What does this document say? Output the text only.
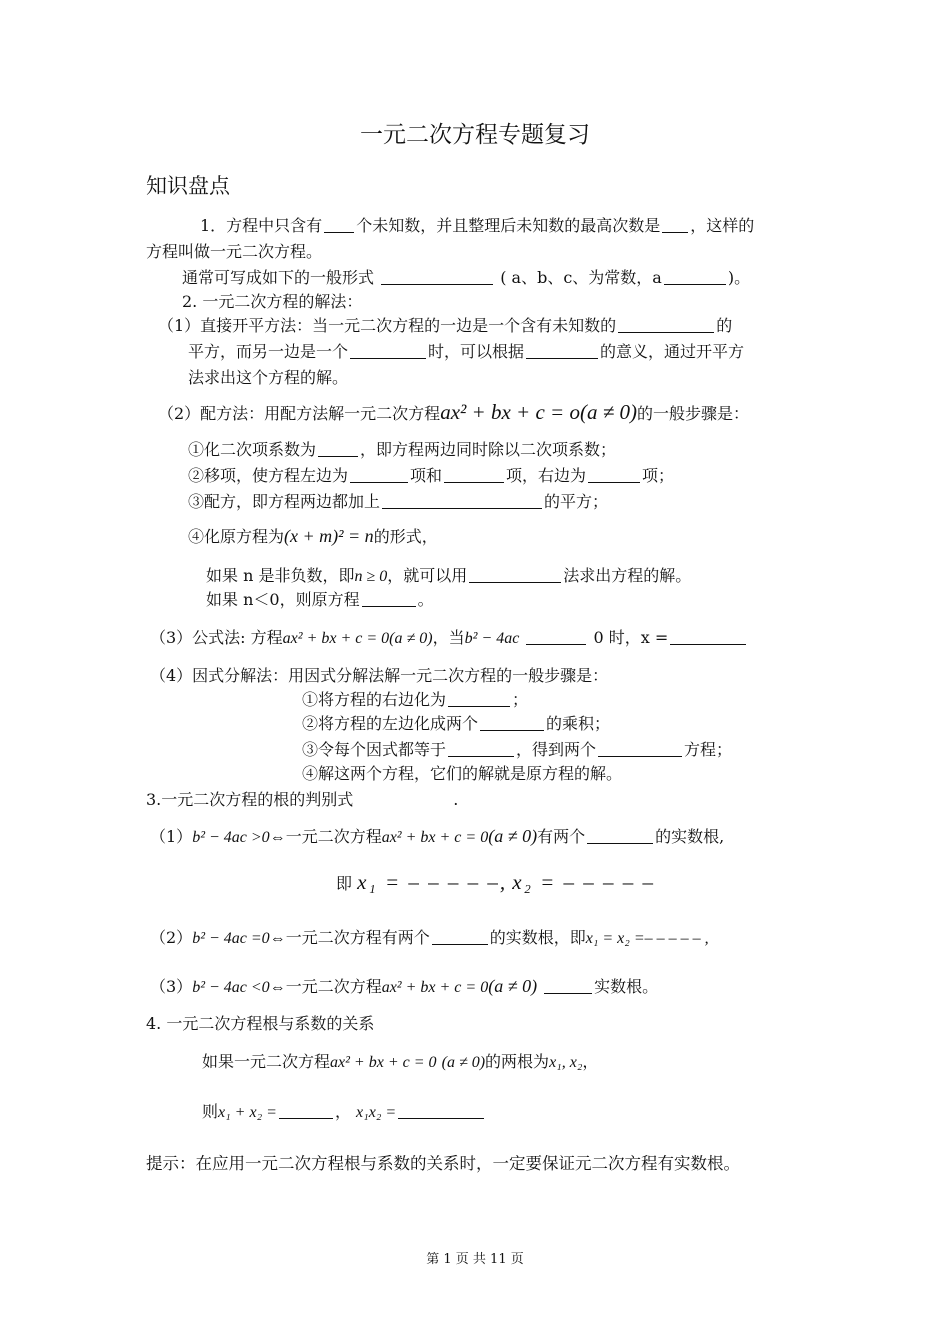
一元二次方程专题复习
知识盘点
1．方程中只含有 个未知数，并且整理后未知数的最高次数是 ，这样的
方程叫做一元二次方程。
通常可写成如下的一般形式	( a、b、c、为常数，a	)。
2. 一元二次方程的解法：
（1）直接开平方法：当一元二次方程的一边是一个含有未知数的	的
平方，而另一边是一个	时，可以根据	的意义，通过开平方
法求出这个方程的解。
（2）配方法：用配方法解一元二次方程ax² + bx + c = o(a ≠ 0)的一般步骤是：
①化二次项系数为	，即方程两边同时除以二次项系数；
②移项，使方程左边为	项和	项，右边为	项；
③配方，即方程两边都加上	的平方；
④化原方程为(x + m)² = n的形式，
如果 n 是非负数，即n ≥ 0，就可以用	法求出方程的解。
如果 n＜0，则原方程	。
（3）公式法: 方程ax² + bx + c = 0(a ≠ 0)，当b² − 4ac	0 时，x =
（4）因式分解法：用因式分解法解一元二次方程的一般步骤是：
①将方程的右边化为	；
②将方程的左边化成两个	的乘积；
③令每个因式都等于	，得到两个	方程；
④解这两个方程，它们的解就是原方程的解。
3.一元二次方程的根的判别式	.
（1）b² − 4ac >0⇔一元二次方程ax² + bx + c = 0(a ≠ 0)有两个	的实数根,
即 x₁ = – – – – –, x₂ = – – – – –
（2）b² − 4ac =0⇔一元二次方程有两个	的实数根，即x₁ = x₂ =– – – – – ,
（3）b² − 4ac <0⇔一元二次方程ax² + bx + c = 0(a ≠ 0)	实数根。
4. 一元二次方程根与系数的关系
如果一元二次方程ax² + bx + c = 0 (a ≠ 0)的两根为x₁, x₂，
则x₁ + x₂ =	， x₁x₂ =
提示：在应用一元二次方程根与系数的关系时，一定要保证元二次方程有实数根。
第 1 页 共 11 页
